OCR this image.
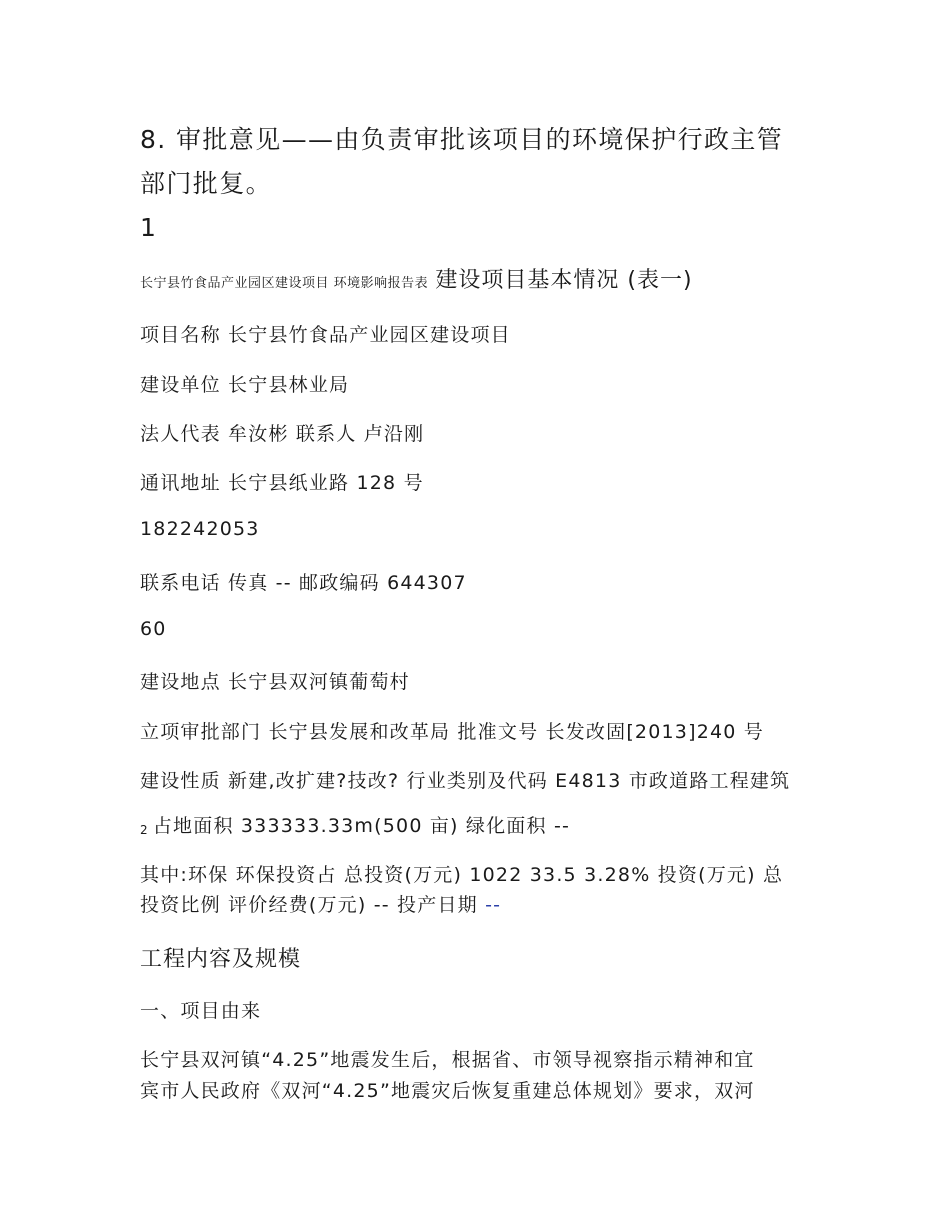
8. 审批意见——由负责审批该项目的环境保护行政主管

部门批复。

1

长宁县竹食品产业园区建设项目 环境影响报告表 建设项目基本情况 (表一)

项目名称 长宁县竹食品产业园区建设项目

建设单位 长宁县林业局

法人代表 牟汝彬 联系人 卢沿刚

通讯地址 长宁县纸业路 128 号

182242053

联系电话 传真 -- 邮政编码 644307

60

建设地点 长宁县双河镇葡萄村

立项审批部门 长宁县发展和改革局 批准文号 长发改固[2013]240 号

建设性质 新建,改扩建?技改? 行业类别及代码 E4813 市政道路工程建筑

2 占地面积 333333.33m(500 亩) 绿化面积 --

其中:环保 环保投资占 总投资(万元) 1022 33.5 3.28% 投资(万元) 总

投资比例 评价经费(万元) -- 投产日期 --

工程内容及规模

一、项目由来

长宁县双河镇“4.25”地震发生后，根据省、市领导视察指示精神和宜

宾市人民政府《双河“4.25”地震灾后恢复重建总体规划》要求，双河
